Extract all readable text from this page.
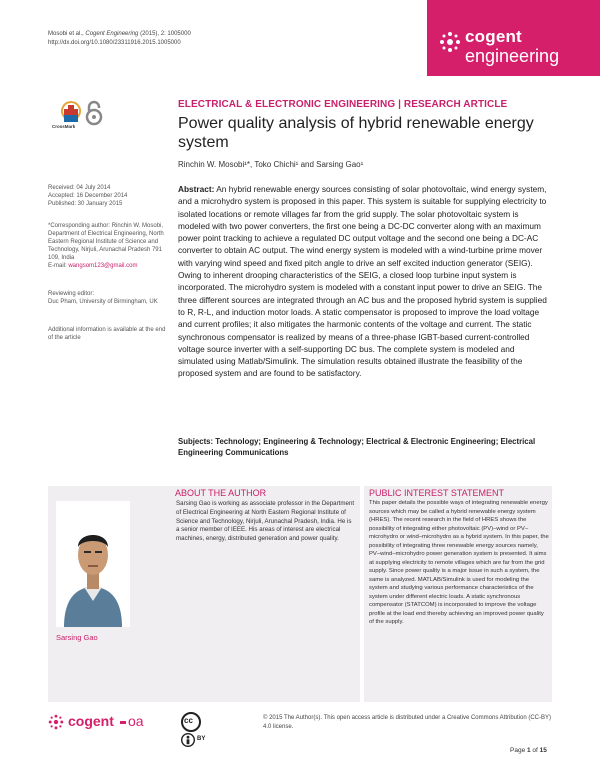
Mosobi et al., Cogent Engineering (2015), 2: 1005000
http://dx.doi.org/10.1080/23311916.2015.1005000	cogent
engineering
CrossMark
ELECTRICAL & ELECTRONIC ENGINEERING | RESEARCH ARTICLE
Power quality analysis of hybrid renewable energy system
Rinchin W. Mosobi¹*, Toko Chichi¹ and Sarsing Gao¹
Received: 04 July 2014
Accepted: 16 December 2014
Published: 30 January 2015
*Corresponding author: Rinchin W. Mosobi, Department of Electrical Engineering, North Eastern Regional Institute of Science and Technology, Nirjuli, Arunachal Pradesh 791 109, India
E-mail: wangsom123@gmail.com
Reviewing editor:
Duc Pham, University of Birmingham, UK
Additional information is available at the end of the article
Abstract: An hybrid renewable energy sources consisting of solar photovoltaic, wind energy system, and a microhydro system is proposed in this paper. This system is suitable for supplying electricity to isolated locations or remote villages far from the grid supply. The solar photovoltaic system is modeled with two power converters, the first one being a DC-DC converter along with an maximum power point tracking to achieve a regulated DC output voltage and the second one being a DC-AC converter to obtain AC output. The wind energy system is modeled with a wind-turbine prime mover with varying wind speed and fixed pitch angle to drive an self excited induction generator (SEIG). Owing to inherent drooping characteristics of the SEIG, a closed loop turbine input system is incorporated. The microhydro system is modeled with a constant input power to drive an SEIG. The three different sources are integrated through an AC bus and the proposed hybrid system is supplied to R, R-L, and induction motor loads. A static compensator is proposed to improve the load voltage and current profiles; it also mitigates the harmonic contents of the voltage and current. The static synchronous compensator is realized by means of a three-phase IGBT-based current-controlled voltage source inverter with a self-supporting DC bus. The complete system is modeled and simulated using Matlab/Simulink. The simulation results obtained illustrate the feasibility of the proposed system and are found to be satisfactory.
Subjects: Technology; Engineering & Technology; Electrical & Electronic Engineering; Electrical Engineering Communications
ABOUT THE AUTHOR
Sarsing Gao
Sarsing Gao is working as associate professor in the Department of Electrical Engineering at North Eastern Regional Institute of Science and Technology, Nirjuli, Arunachal Pradesh, India. He is a senior member of IEEE. His areas of interest are electrical machines, energy, distributed generation and power quality.
PUBLIC INTEREST STATEMENT
This paper details the possible ways of integrating renewable energy sources which may be called a hybrid renewable energy system (HRES). The recent research in the field of HRES shows the possibility of integrating either photovoltaic (PV)–wind or PV–microhydro or wind–microhydro as a hybrid system. In this paper, the possibility of integrating three renewable energy sources namely, PV–wind–microhydro power generation system is presented. It aims at supplying electricity to remote villages which are far from the grid supply. Since power quality is a major issue in such a system, the same is analyzed. MATLAB/Simulink is used for modeling the system and studying various performance characteristics of the system under different electric loads. A static synchronous compensator (STATCOM) is incorporated to improve the voltage profile at the load end thereby achieving an improved power quality of the supply.
cogent oa	cc
BY
© 2015 The Author(s). This open access article is distributed under a Creative Commons Attribution (CC-BY) 4.0 license.
Page 1 of 15
